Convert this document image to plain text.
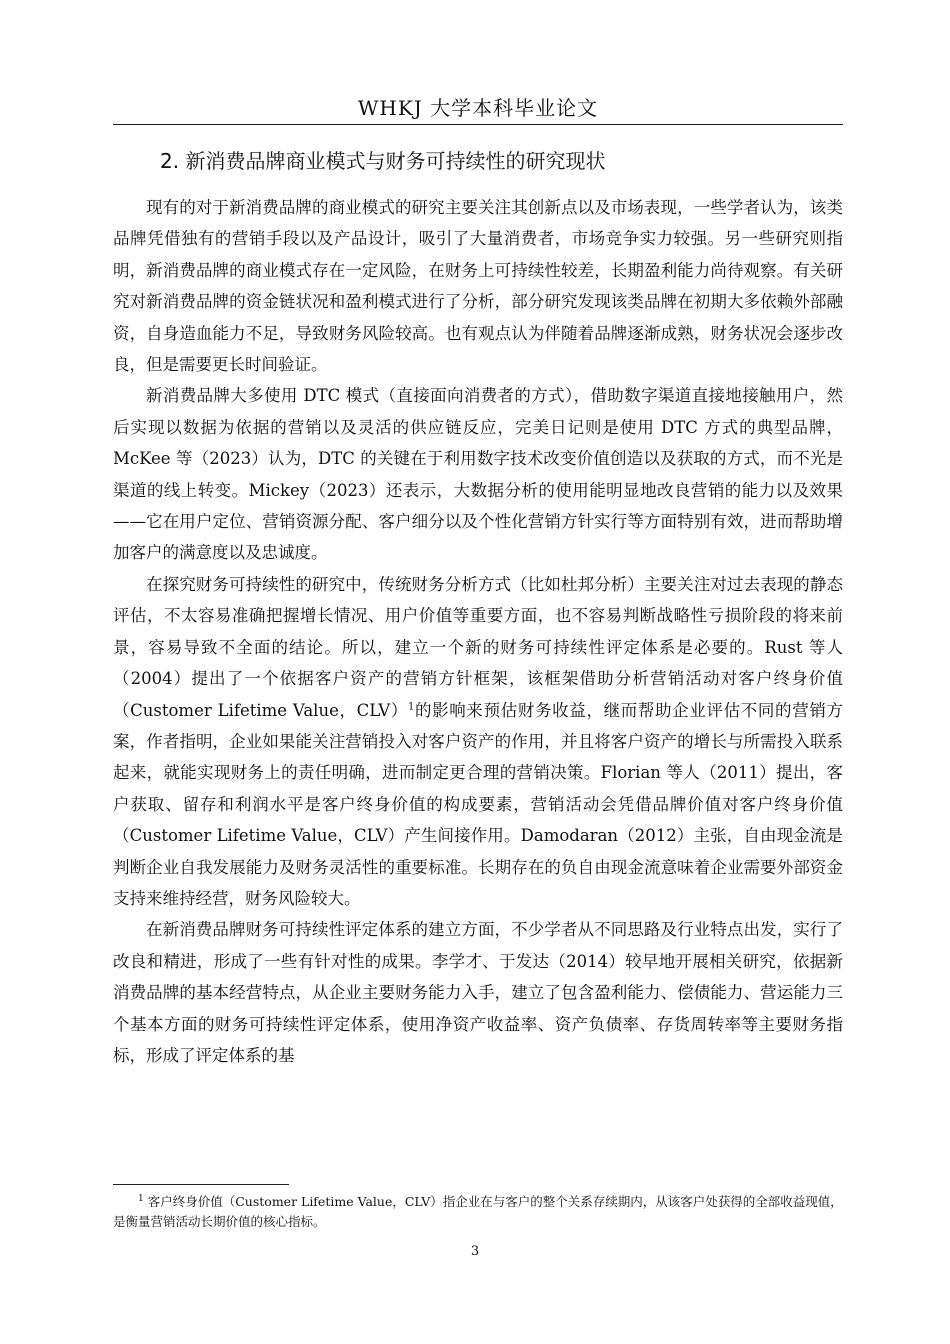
WHKJ 大学本科毕业论文
2. 新消费品牌商业模式与财务可持续性的研究现状

现有的对于新消费品牌的商业模式的研究主要关注其创新点以及市场表现，一些学者认为，该类品牌凭借独有的营销手段以及产品设计，吸引了大量消费者，市场竞争实力较强。另一些研究则指明，新消费品牌的商业模式存在一定风险，在财务上可持续性较差，长期盈利能力尚待观察。有关研究对新消费品牌的资金链状况和盈利模式进行了分析，部分研究发现该类品牌在初期大多依赖外部融资，自身造血能力不足，导致财务风险较高。也有观点认为伴随着品牌逐渐成熟，财务状况会逐步改良，但是需要更长时间验证。

新消费品牌大多使用 DTC 模式（直接面向消费者的方式），借助数字渠道直接地接触用户，然后实现以数据为依据的营销以及灵活的供应链反应，完美日记则是使用 DTC 方式的典型品牌，McKee 等（2023）认为，DTC 的关键在于利用数字技术改变价值创造以及获取的方式，而不光是渠道的线上转变。Mickey（2023）还表示，大数据分析的使用能明显地改良营销的能力以及效果——它在用户定位、营销资源分配、客户细分以及个性化营销方针实行等方面特别有效，进而帮助增加客户的满意度以及忠诚度。

在探究财务可持续性的研究中，传统财务分析方式（比如杜邦分析）主要关注对过去表现的静态评估，不太容易准确把握增长情况、用户价值等重要方面，也不容易判断战略性亏损阶段的将来前景，容易导致不全面的结论。所以，建立一个新的财务可持续性评定体系是必要的。Rust 等人（2004）提出了一个依据客户资产的营销方针框架，该框架借助分析营销活动对客户终身价值（Customer Lifetime Value，CLV）$^1$的影响来预估财务收益，继而帮助企业评估不同的营销方案，作者指明，企业如果能关注营销投入对客户资产的作用，并且将客户资产的增长与所需投入联系起来，就能实现财务上的责任明确，进而制定更合理的营销决策。Florian 等人（2011）提出，客户获取、留存和利润水平是客户终身价值的构成要素，营销活动会凭借品牌价值对客户终身价值（Customer Lifetime Value，CLV）产生间接作用。Damodaran（2012）主张，自由现金流是判断企业自我发展能力及财务灵活性的重要标准。长期存在的负自由现金流意味着企业需要外部资金支持来维持经营，财务风险较大。

在新消费品牌财务可持续性评定体系的建立方面，不少学者从不同思路及行业特点出发，实行了改良和精进，形成了一些有针对性的成果。李学才、于发达（2014）较早地开展相关研究，依据新消费品牌的基本经营特点，从企业主要财务能力入手，建立了包含盈利能力、偿债能力、营运能力三个基本方面的财务可持续性评定体系，使用净资产收益率、资产负债率、存货周转率等主要财务指标，形成了评定体系的基

$^1$ 客户终身价值（Customer Lifetime Value，CLV）指企业在与客户的整个关系存续期内，从该客户处获得的全部收益现值，是衡量营销活动长期价值的核心指标。
3
